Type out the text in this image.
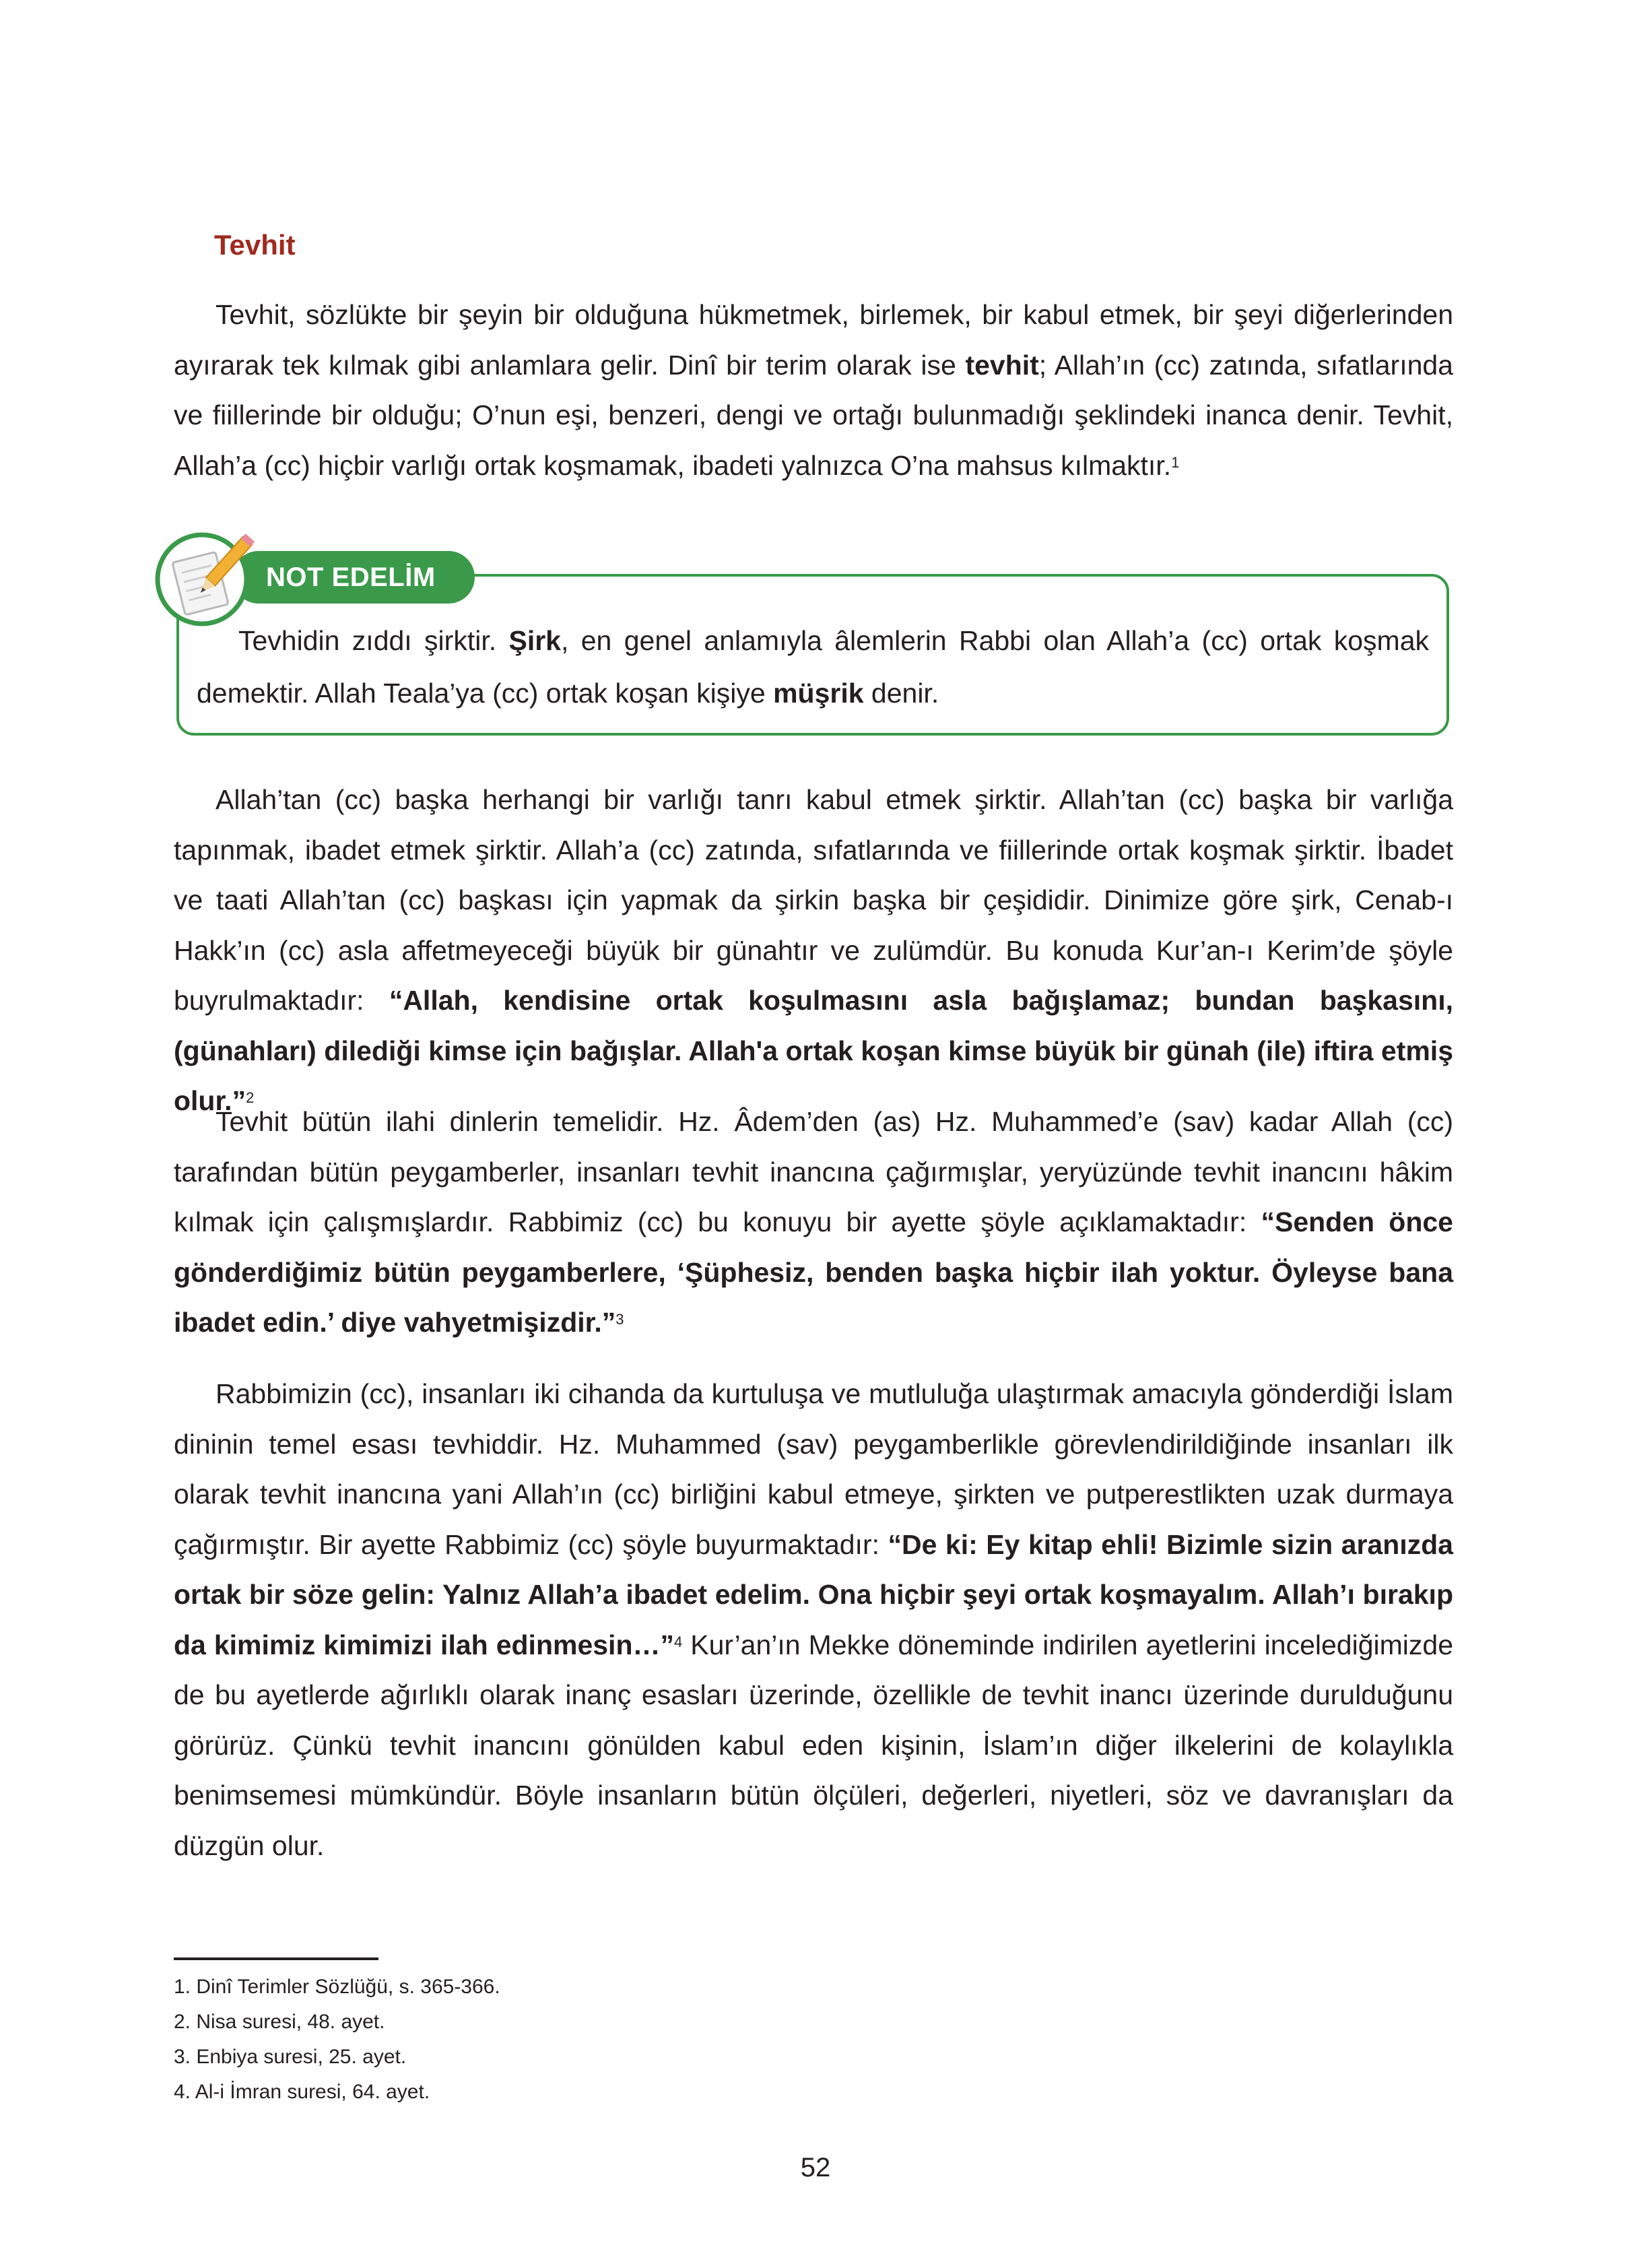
Tevhit
Tevhit, sözlükte bir şeyin bir olduğuna hükmetmek, birlemek, bir kabul etmek, bir şeyi diğerlerinden ayırarak tek kılmak gibi anlamlara gelir. Dinî bir terim olarak ise tevhit; Allah’ın (cc) zatında, sıfatlarında ve fiillerinde bir olduğu; O’nun eşi, benzeri, dengi ve ortağı bulunmadığı şeklindeki inanca denir. Tevhit, Allah’a (cc) hiçbir varlığı ortak koşmamak, ibadeti yalnızca O’na mahsus kılmaktır.$^1$
Tevhidin zıddı şirktir. Şirk, en genel anlamıyla âlemlerin Rabbi olan Allah’a (cc) ortak koşmak demektir. Allah Teala’ya (cc) ortak koşan kişiye müşrik denir.
NOT EDELİM
Allah’tan (cc) başka herhangi bir varlığı tanrı kabul etmek şirktir. Allah’tan (cc) başka bir varlığa tapınmak, ibadet etmek şirktir. Allah’a (cc) zatında, sıfatlarında ve fiillerinde ortak koşmak şirktir. İbadet ve taati Allah’tan (cc) başkası için yapmak da şirkin başka bir çeşididir. Dinimize göre şirk, Cenab-ı Hakk’ın (cc) asla affetmeyeceği büyük bir günahtır ve zulümdür. Bu konuda Kur’an-ı Kerim’de şöyle buyrulmaktadır: “Allah, kendisine ortak koşulmasını asla bağışlamaz; bundan başkasını, (günahları) dilediği kimse için bağışlar. Allah'a ortak koşan kimse büyük bir günah (ile) iftira etmiş olur.”$^2$
Tevhit bütün ilahi dinlerin temelidir. Hz. Âdem’den (as) Hz. Muhammed’e (sav) kadar Allah (cc) tarafından bütün peygamberler, insanları tevhit inancına çağırmışlar, yeryüzünde tevhit inancını hâkim kılmak için çalışmışlardır. Rabbimiz (cc) bu konuyu bir ayette şöyle açıklamaktadır: “Senden önce gönderdiğimiz bütün peygamberlere, ‘Şüphesiz, benden başka hiçbir ilah yoktur. Öyleyse bana ibadet edin.’ diye vahyetmişizdir.”$^3$
Rabbimizin (cc), insanları iki cihanda da kurtuluşa ve mutluluğa ulaştırmak amacıyla gönderdiği İslam dininin temel esası tevhiddir. Hz. Muhammed (sav) peygamberlikle görevlendirildiğinde insanları ilk olarak tevhit inancına yani Allah’ın (cc) birliğini kabul etmeye, şirkten ve putperestlikten uzak durmaya çağırmıştır. Bir ayette Rabbimiz (cc) şöyle buyurmaktadır: “De ki: Ey kitap ehli! Bizimle sizin aranızda ortak bir söze gelin: Yalnız Allah’a ibadet edelim. Ona hiçbir şeyi ortak koşmayalım. Allah’ı bırakıp da kimimiz kimimizi ilah edinmesin…”$^4$ Kur’an’ın Mekke döneminde indirilen ayetlerini incelediğimizde de bu ayetlerde ağırlıklı olarak inanç esasları üzerinde, özellikle de tevhit inancı üzerinde durulduğunu görürüz. Çünkü tevhit inancını gönülden kabul eden kişinin, İslam’ın diğer ilkelerini de kolaylıkla benimsemesi mümkündür. Böyle insanların bütün ölçüleri, değerleri, niyetleri, söz ve davranışları da düzgün olur.
1. Dinî Terimler Sözlüğü, s. 365-366.
2. Nisa suresi, 48. ayet.
3. Enbiya suresi, 25. ayet.
4. Al-i İmran suresi, 64. ayet.
52
